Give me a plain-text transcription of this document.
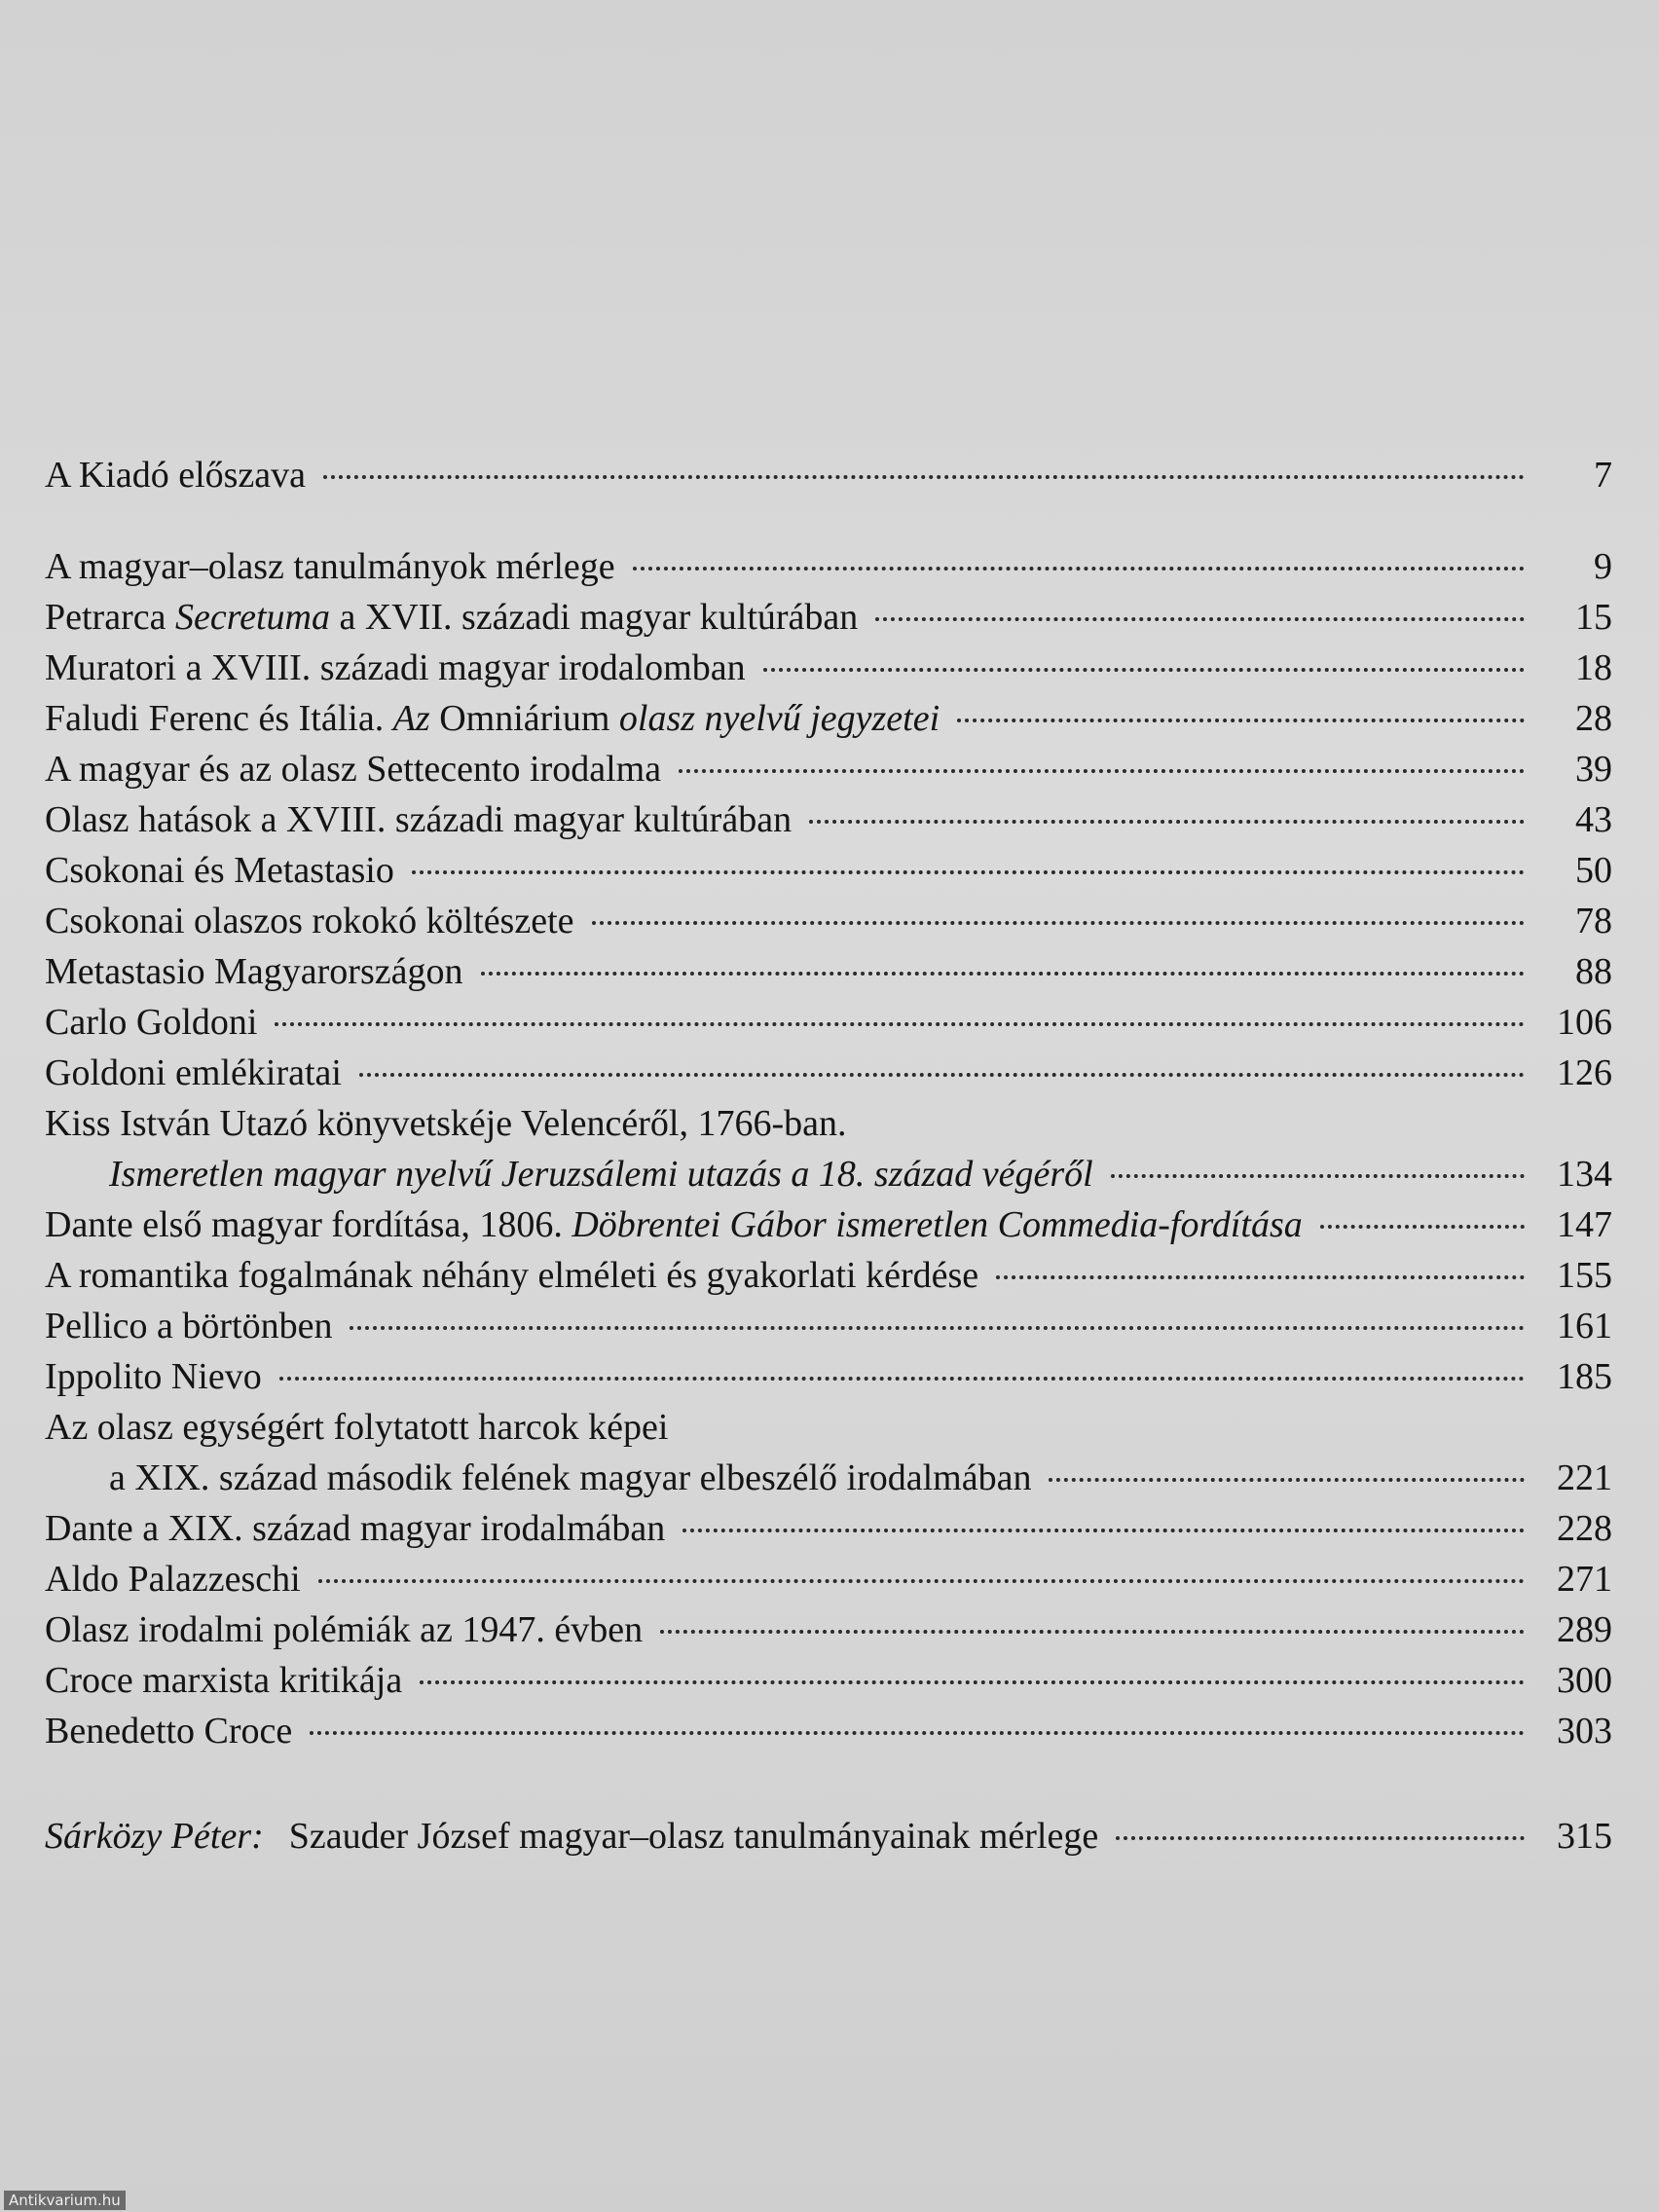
A Kiadó előszava	7
A magyar–olasz tanulmányok mérlege	9
Petrarca Secretuma a XVII. századi magyar kultúrában	15
Muratori a XVIII. századi magyar irodalomban	18
Faludi Ferenc és Itália. Az Omniárium olasz nyelvű jegyzetei	28
A magyar és az olasz Settecento irodalma	39
Olasz hatások a XVIII. századi magyar kultúrában	43
Csokonai és Metastasio	50
Csokonai olaszos rokokó költészete	78
Metastasio Magyarországon	88
Carlo Goldoni	106
Goldoni emlékiratai	126
Kiss István Utazó könyvetskéje Velencéről, 1766-ban.
Ismeretlen magyar nyelvű Jeruzsálemi utazás a 18. század végéről	134
Dante első magyar fordítása, 1806. Döbrentei Gábor ismeretlen Commedia-fordítása	147
A romantika fogalmának néhány elméleti és gyakorlati kérdése	155
Pellico a börtönben	161
Ippolito Nievo	185
Az olasz egységért folytatott harcok képei
a XIX. század második felének magyar elbeszélő irodalmában	221
Dante a XIX. század magyar irodalmában	228
Aldo Palazzeschi	271
Olasz irodalmi polémiák az 1947. évben	289
Croce marxista kritikája	300
Benedetto Croce	303
Sárközy Péter: Szauder József magyar–olasz tanulmányainak mérlege	315
Antikvarium.hu
